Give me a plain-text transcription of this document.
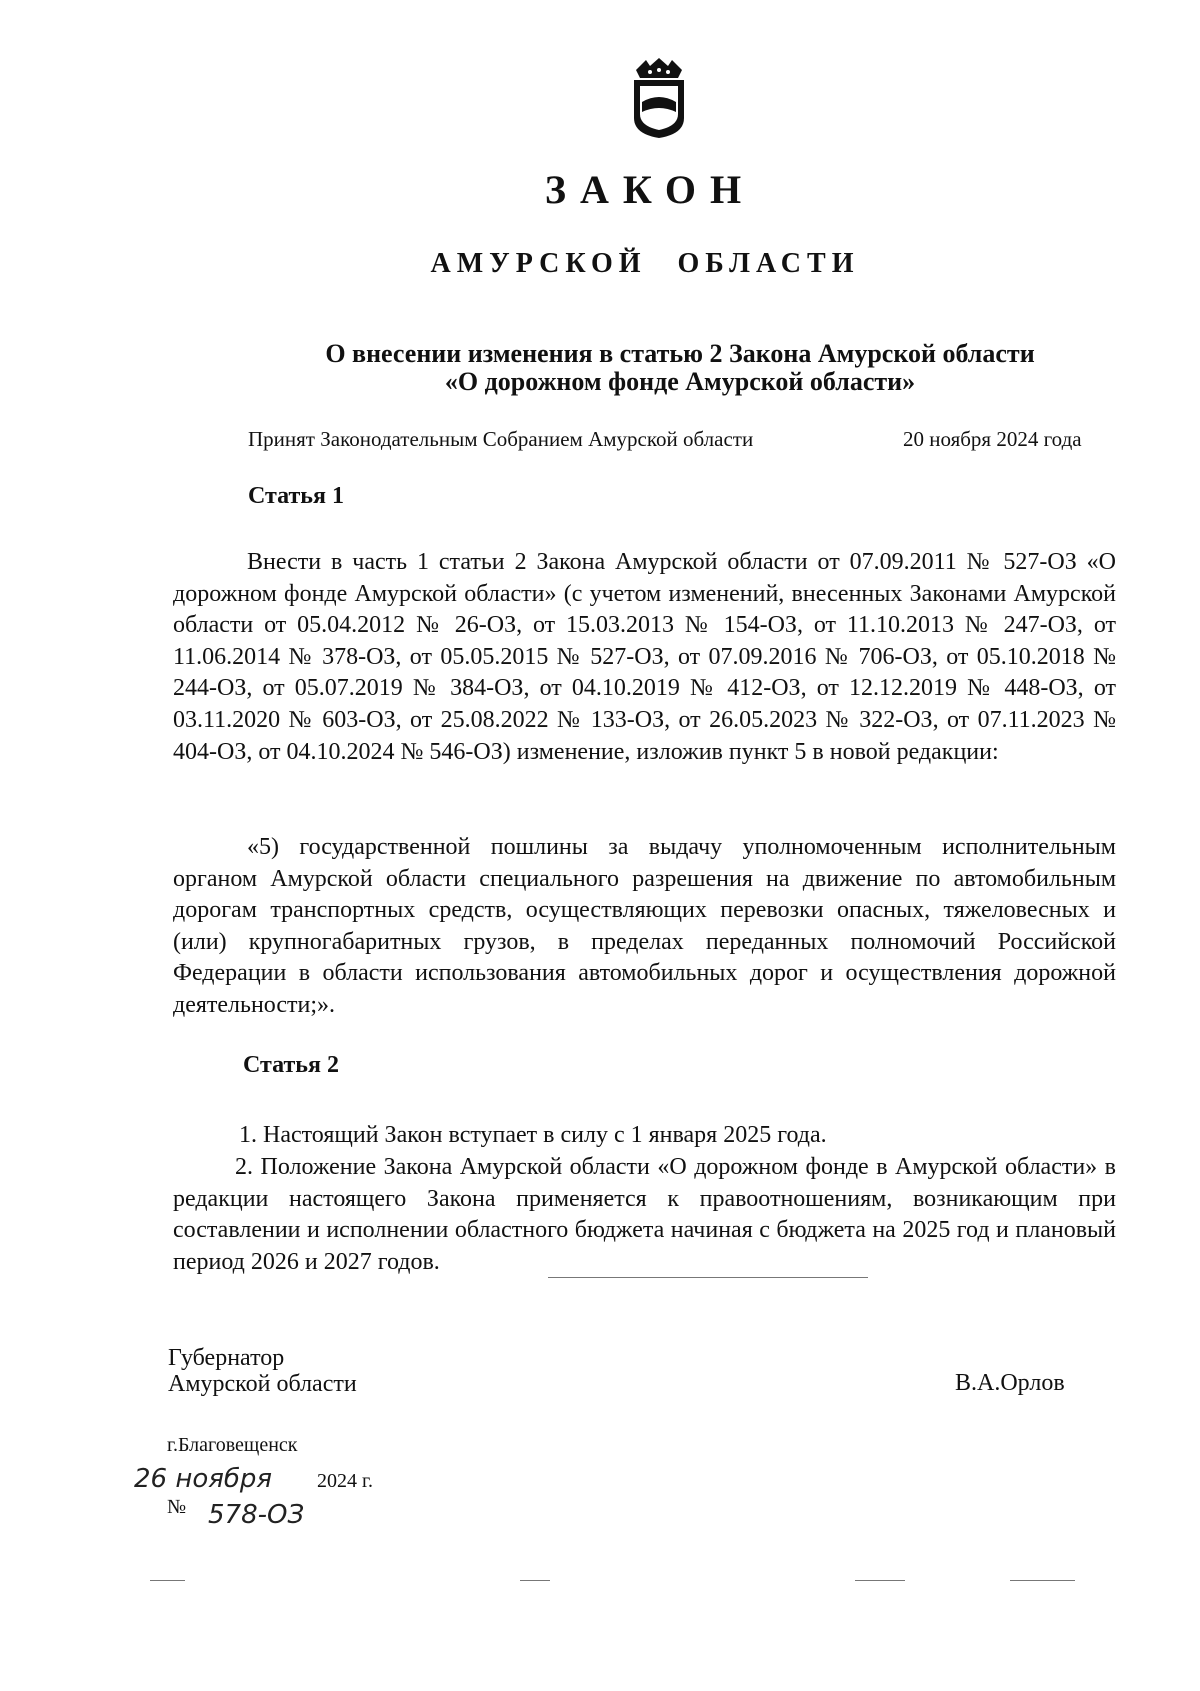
ЗАКОН
АМУРСКОЙ ОБЛАСТИ
О внесении изменения в статью 2 Закона Амурской области
«О дорожном фонде Амурской области»
Принят Законодательным Собранием Амурской области	20 ноября 2024 года
Статья 1
Внести в часть 1 статьи 2 Закона Амурской области от 07.09.2011 № 527-ОЗ «О дорожном фонде Амурской области» (с учетом изменений, внесенных Законами Амурской области от 05.04.2012 № 26-ОЗ, от 15.03.2013 № 154-ОЗ, от 11.10.2013 № 247-ОЗ, от 11.06.2014 № 378-ОЗ, от 05.05.2015 № 527-ОЗ, от 07.09.2016 № 706-ОЗ, от 05.10.2018 № 244-ОЗ, от 05.07.2019 № 384-ОЗ, от 04.10.2019 № 412-ОЗ, от 12.12.2019 № 448-ОЗ, от 03.11.2020 № 603-ОЗ, от 25.08.2022 № 133-ОЗ, от 26.05.2023 № 322-ОЗ, от 07.11.2023 № 404-ОЗ, от 04.10.2024 № 546-ОЗ) изменение, изложив пункт 5 в новой редакции:
«5) государственной пошлины за выдачу уполномоченным исполнительным органом Амурской области специального разрешения на движение по автомобильным дорогам транспортных средств, осуществляющих перевозки опасных, тяжеловесных и (или) крупногабаритных грузов, в пределах переданных полномочий Российской Федерации в области использования автомобильных дорог и осуществления дорожной деятельности;».
Статья 2
1. Настоящий Закон вступает в силу с 1 января 2025 года.
2. Положение Закона Амурской области «О дорожном фонде в Амурской области» в редакции настоящего Закона применяется к правоотношениям, возникающим при составлении и исполнении областного бюджета начиная с бюджета на 2025 год и плановый период 2026 и 2027 годов.
Губернатор
Амурской области	В.А.Орлов
г.Благовещенск
26 ноября 2024 г.
№ 578-ОЗ
